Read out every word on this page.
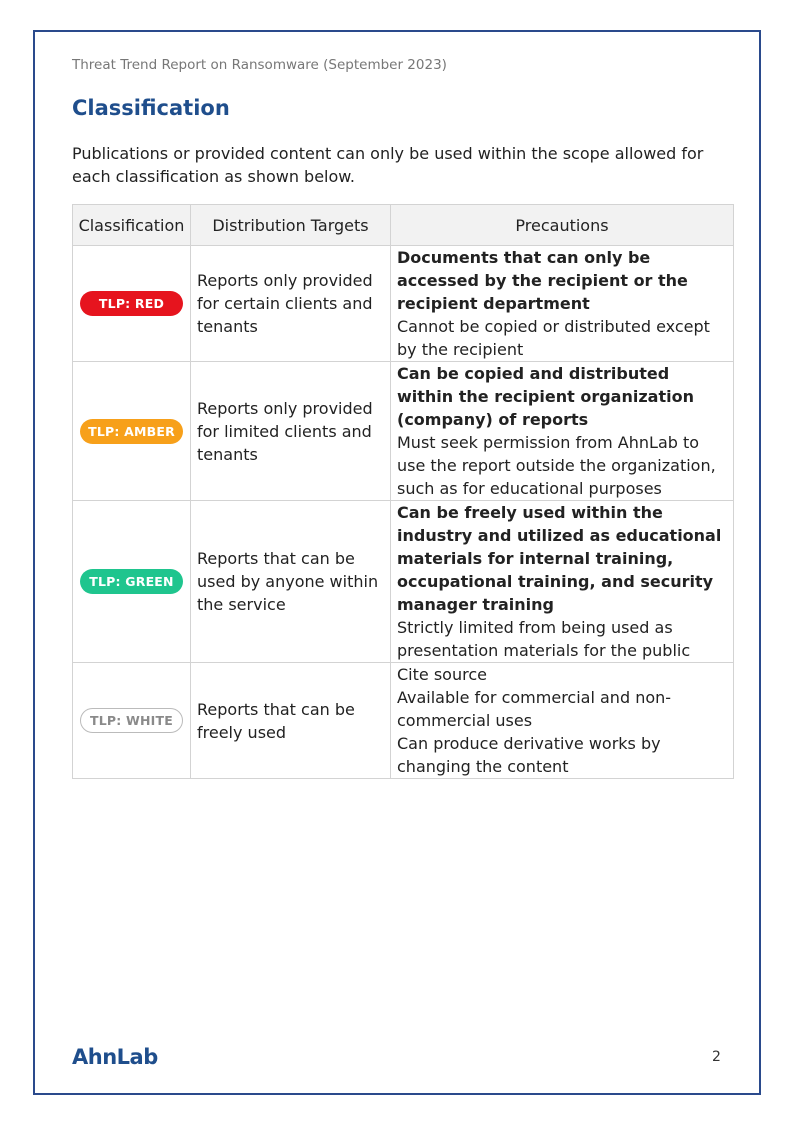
Threat Trend Report on Ransomware (September 2023)
Classification

Publications or provided content can only be used within the scope allowed for each classification as shown below.

Classification	Distribution Targets	Precautions
TLP: RED	Reports only provided for certain clients and tenants	Documents that can only be accessed by the recipient or the recipient department
Cannot be copied or distributed except by the recipient

TLP: AMBER	Reports only provided for limited clients and tenants	Can be copied and distributed within the recipient organization (company) of reports
Must seek permission from AhnLab to use the report outside the organization, such as for educational purposes

TLP: GREEN	Reports that can be used by anyone within the service	Can be freely used within the industry and utilized as educational materials for internal training, occupational training, and security manager training
Strictly limited from being used as presentation materials for the public

TLP: WHITE	Reports that can be freely used	Cite source
Available for commercial and non-commercial uses
Can produce derivative works by changing the content
AhnLab	2
